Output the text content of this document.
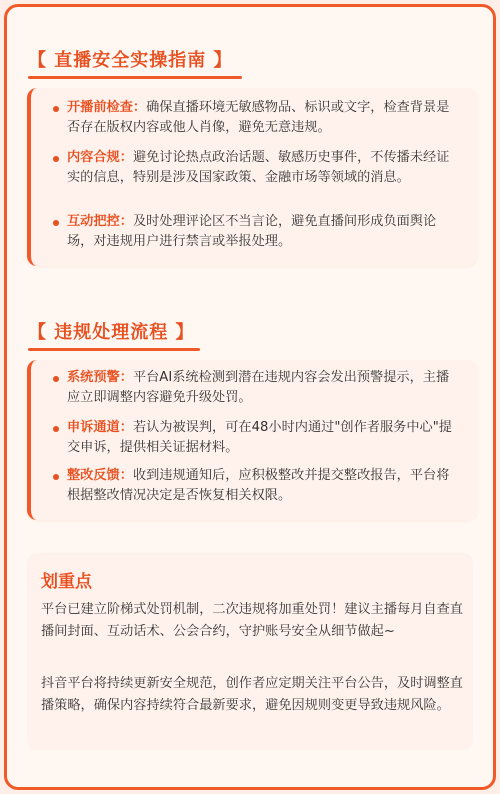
【 直播安全实操指南 】
开播前检查：确保直播环境无敏感物品、标识或文字，检查背景是否存在版权内容或他人肖像，避免无意违规。
内容合规：避免讨论热点政治话题、敏感历史事件，不传播未经证实的信息，特别是涉及国家政策、金融市场等领域的消息。
互动把控：及时处理评论区不当言论，避免直播间形成负面舆论场，对违规用户进行禁言或举报处理。
【 违规处理流程 】
系统预警：平台AI系统检测到潜在违规内容会发出预警提示，主播应立即调整内容避免升级处罚。
申诉通道：若认为被误判，可在48小时内通过"创作者服务中心"提交申诉，提供相关证据材料。
整改反馈：收到违规通知后，应积极整改并提交整改报告，平台将根据整改情况决定是否恢复相关权限。
划重点

平台已建立阶梯式处罚机制，二次违规将加重处罚！建议主播每月自查直播间封面、互动话术、公会合约，守护账号安全从细节做起~

抖音平台将持续更新安全规范，创作者应定期关注平台公告，及时调整直播策略，确保内容持续符合最新要求，避免因规则变更导致违规风险。
